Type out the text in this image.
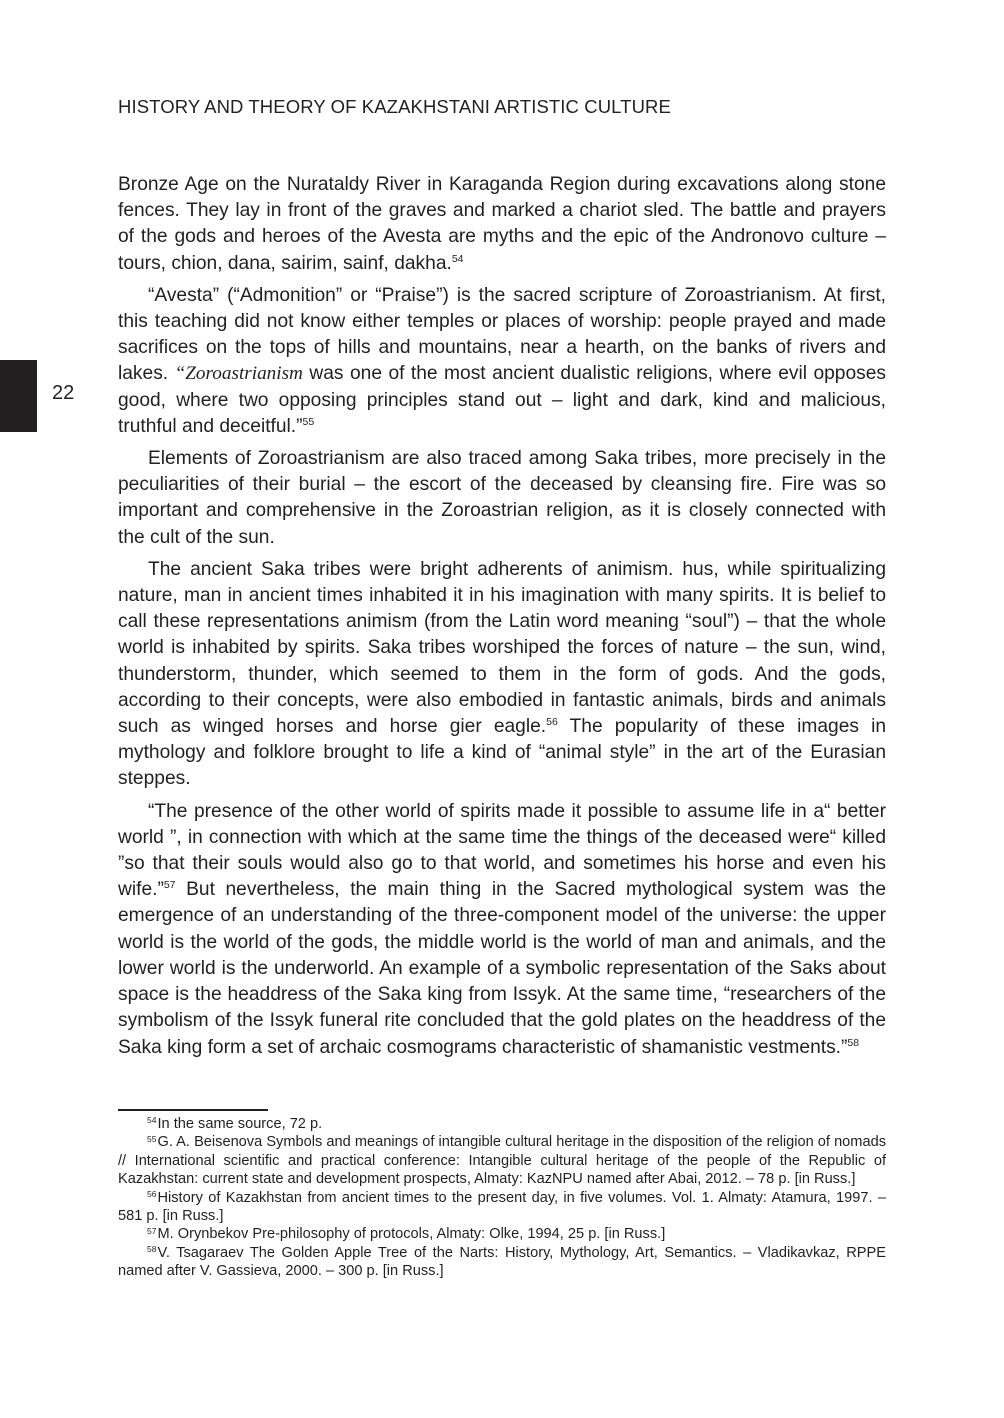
HISTORY AND THEORY OF KAZAKHSTANI ARTISTIC CULTURE
22

Bronze Age on the Nurataldy River in Karaganda Region during excavations along stone fences. They lay in front of the graves and marked a chariot sled. The battle and prayers of the gods and heroes of the Avesta are myths and the epic of the Andronovo culture – tours, chion, dana, sairim, sainf, dakha.$^{54}$

“Avesta” (“Admonition” or “Praise”) is the sacred scripture of Zoroastrianism. At first, this teaching did not know either temples or places of worship: people prayed and made sacrifices on the tops of hills and mountains, near a hearth, on the banks of rivers and lakes. “Zoroastrianism was one of the most ancient dualistic religions, where evil opposes good, where two opposing principles stand out – light and dark, kind and malicious, truthful and deceitful.”$^{55}$

Elements of Zoroastrianism are also traced among Saka tribes, more precisely in the peculiarities of their burial – the escort of the deceased by cleansing fire. Fire was so important and comprehensive in the Zoroastrian religion, as it is closely connected with the cult of the sun.

The ancient Saka tribes were bright adherents of animism. hus, while spiritualizing nature, man in ancient times inhabited it in his imagination with many spirits. It is belief to call these representations animism (from the Latin word meaning “soul”) – that the whole world is inhabited by spirits. Saka tribes worshiped the forces of nature – the sun, wind, thunderstorm, thunder, which seemed to them in the form of gods. And the gods, according to their concepts, were also embodied in fantastic animals, birds and animals such as winged horses and horse gier eagle.$^{56}$ The popularity of these images in mythology and folklore brought to life a kind of “animal style” in the art of the Eurasian steppes.

“The presence of the other world of spirits made it possible to assume life in a“ better world ”, in connection with which at the same time the things of the deceased were“ killed ”so that their souls would also go to that world, and sometimes his horse and even his wife.”$^{57}$ But nevertheless, the main thing in the Sacred mythological system was the emergence of an understanding of the three-component model of the universe: the upper world is the world of the gods, the middle world is the world of man and animals, and the lower world is the underworld. An example of a symbolic representation of the Saks about space is the headdress of the Saka king from Issyk. At the same time, “researchers of the symbolism of the Issyk funeral rite concluded that the gold plates on the headdress of the Saka king form a set of archaic cosmograms characteristic of shamanistic vestments.”$^{58}$

$^{54}$In the same source, 72 p.

$^{55}$G. A. Beisenova Symbols and meanings of intangible cultural heritage in the disposition of the religion of nomads // International scientific and practical conference: Intangible cultural heritage of the people of the Republic of Kazakhstan: current state and development prospects, Almaty: KazNPU named after Abai, 2012. – 78 p. [in Russ.]

$^{56}$History of Kazakhstan from ancient times to the present day, in five volumes. Vol. 1. Almaty: Atamura, 1997. – 581 p. [in Russ.]

$^{57}$M. Orynbekov Pre-philosophy of protocols, Almaty: Olke, 1994, 25 p. [in Russ.]

$^{58}$V. Tsagaraev The Golden Apple Tree of the Narts: History, Mythology, Art, Semantics. – Vladikavkaz, RPPE named after V. Gassieva, 2000. – 300 p. [in Russ.]
